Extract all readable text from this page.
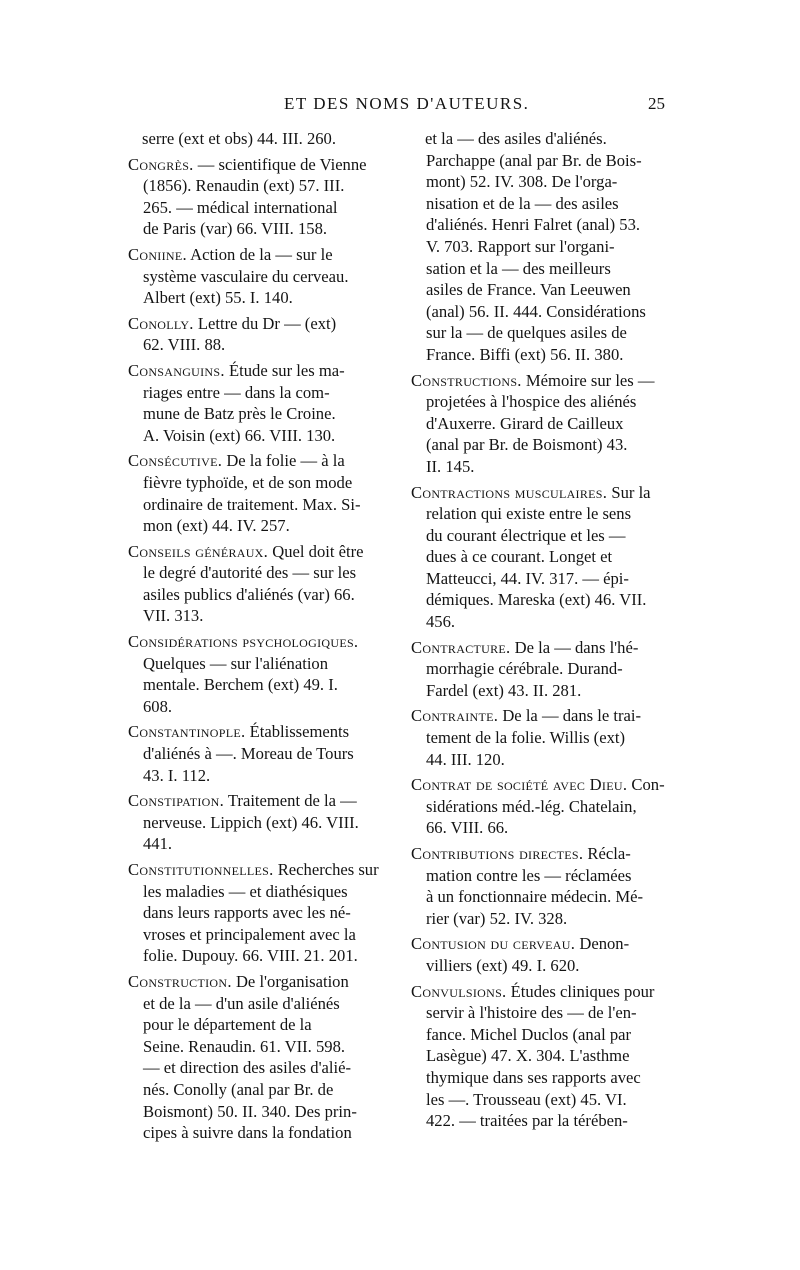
ET DES NOMS D'AUTEURS.	25
serre (ext et obs) 44. III. 260.
Congrès. — scientifique de Vienne
(1856). Renaudin (ext) 57. III.
265. — médical international
de Paris (var) 66. VIII. 158.
Coniine. Action de la — sur le
système vasculaire du cerveau.
Albert (ext) 55. I. 140.
Conolly. Lettre du Dr — (ext)
62. VIII. 88.
Consanguins. Étude sur les ma-
riages entre — dans la com-
mune de Batz près le Croine.
A. Voisin (ext) 66. VIII. 130.
Consécutive. De la folie — à la
fièvre typhoïde, et de son mode
ordinaire de traitement. Max. Si-
mon (ext) 44. IV. 257.
Conseils généraux. Quel doit être
le degré d'autorité des — sur les
asiles publics d'aliénés (var) 66.
VII. 313.
Considérations psychologiques.
Quelques — sur l'aliénation
mentale. Berchem (ext) 49. I.
608.
Constantinople. Établissements
d'aliénés à —. Moreau de Tours
43. I. 112.
Constipation. Traitement de la —
nerveuse. Lippich (ext) 46. VIII.
441.
Constitutionnelles. Recherches sur
les maladies — et diathésiques
dans leurs rapports avec les né-
vroses et principalement avec la
folie. Dupouy. 66. VIII. 21. 201.
Construction. De l'organisation
et de la — d'un asile d'aliénés
pour le département de la
Seine. Renaudin. 61. VII. 598.
— et direction des asiles d'alié-
nés. Conolly (anal par Br. de
Boismont) 50. II. 340. Des prin-
cipes à suivre dans la fondation
et la — des asiles d'aliénés.
Parchappe (anal par Br. de Bois-
mont) 52. IV. 308. De l'orga-
nisation et de la — des asiles
d'aliénés. Henri Falret (anal) 53.
V. 703. Rapport sur l'organi-
sation et la — des meilleurs
asiles de France. Van Leeuwen
(anal) 56. II. 444. Considérations
sur la — de quelques asiles de
France. Biffi (ext) 56. II. 380.
Constructions. Mémoire sur les —
projetées à l'hospice des aliénés
d'Auxerre. Girard de Cailleux
(anal par Br. de Boismont) 43.
II. 145.
Contractions musculaires. Sur la
relation qui existe entre le sens
du courant électrique et les —
dues à ce courant. Longet et
Matteucci, 44. IV. 317. — épi-
démiques. Mareska (ext) 46. VII.
456.
Contracture. De la — dans l'hé-
morrhagie cérébrale. Durand-
Fardel (ext) 43. II. 281.
Contrainte. De la — dans le trai-
tement de la folie. Willis (ext)
44. III. 120.
Contrat de société avec Dieu. Con-
sidérations méd.-lég. Chatelain,
66. VIII. 66.
Contributions directes. Récla-
mation contre les — réclamées
à un fonctionnaire médecin. Mé-
rier (var) 52. IV. 328.
Contusion du cerveau. Denon-
villiers (ext) 49. I. 620.
Convulsions. Études cliniques pour
servir à l'histoire des — de l'en-
fance. Michel Duclos (anal par
Lasègue) 47. X. 304. L'asthme
thymique dans ses rapports avec
les —. Trousseau (ext) 45. VI.
422. — traitées par la térében-
